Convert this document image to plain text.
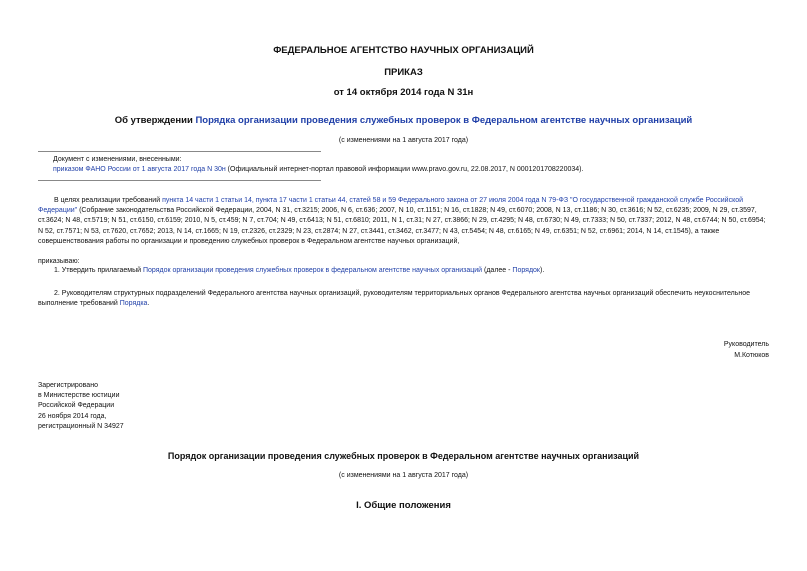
ФЕДЕРАЛЬНОЕ АГЕНТСТВО НАУЧНЫХ ОРГАНИЗАЦИЙ
ПРИКАЗ
от 14 октября 2014 года N 31н
Об утверждении Порядка организации проведения служебных проверок в Федеральном агентстве научных организаций
(с изменениями на 1 августа 2017 года)
Документ с изменениями, внесенными:
приказом ФАНО России от 1 августа 2017 года N 30н (Официальный интернет-портал правовой информации www.pravo.gov.ru, 22.08.2017, N 0001201708220034).
В целях реализации требований пункта 14 части 1 статьи 14, пункта 17 части 1 статьи 44, статей 58 и 59 Федерального закона от 27 июля 2004 года N 79-ФЗ "О государственной гражданской службе Российской Федерации" (Собрание законодательства Российской Федерации, 2004, N 31, ст.3215; 2006, N 6, ст.636; 2007, N 10, ст.1151; N 16, ст.1828; N 49, ст.6070; 2008, N 13, ст.1186; N 30, ст.3616; N 52, ст.6235; 2009, N 29, ст.3597, ст.3624; N 48, ст.5719; N 51, ст.6150, ст.6159; 2010, N 5, ст.459; N 7, ст.704; N 49, ст.6413; N 51, ст.6810; 2011, N 1, ст.31; N 27, ст.3866; N 29, ст.4295; N 48, ст.6730; N 49, ст.7333; N 50, ст.7337; 2012, N 48, ст.6744; N 50, ст.6954; N 52, ст.7571; N 53, ст.7620, ст.7652; 2013, N 14, ст.1665; N 19, ст.2326, ст.2329; N 23, ст.2874; N 27, ст.3441, ст.3462, ст.3477; N 43, ст.5454; N 48, ст.6165; N 49, ст.6351; N 52, ст.6961; 2014, N 14, ст.1545), а также совершенствования работы по организации и проведению служебных проверок в Федеральном агентстве научных организаций,
приказываю:
1. Утвердить прилагаемый Порядок организации проведения служебных проверок в федеральном агентстве научных организаций (далее - Порядок).
2. Руководителям структурных подразделений Федерального агентства научных организаций, руководителям территориальных органов Федерального агентства научных организаций обеспечить неукоснительное выполнение требований Порядка.
Руководитель
М.Котюков
Зарегистрировано
в Министерстве юстиции
Российской Федерации
26 ноября 2014 года,
регистрационный N 34927
Порядок организации проведения служебных проверок в Федеральном агентстве научных организаций
(с изменениями на 1 августа 2017 года)
I. Общие положения
